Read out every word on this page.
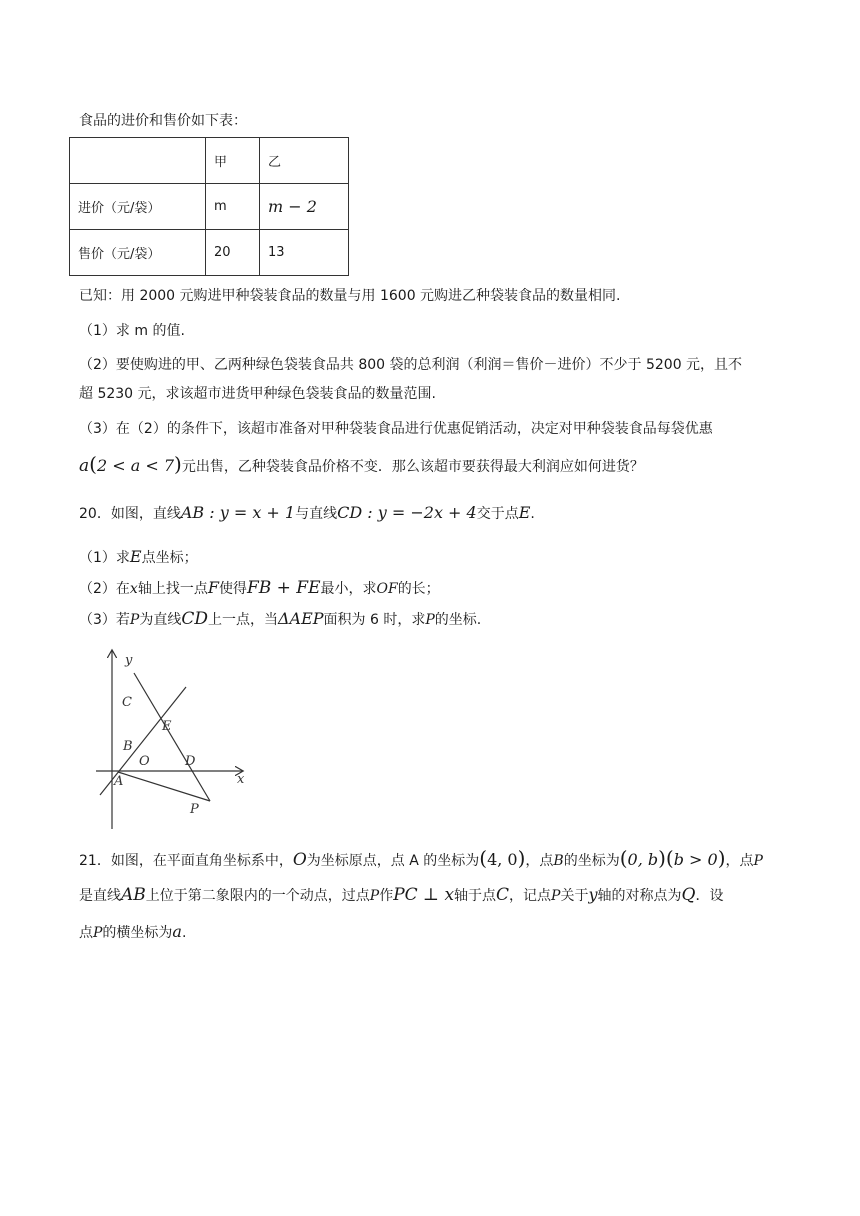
食品的进价和售价如下表：
	甲	乙
进价（元/袋）	m	m − 2
售价（元/袋）	20	13
已知：用 2000 元购进甲种袋装食品的数量与用 1600 元购进乙种袋装食品的数量相同.
（1）求 m 的值.
（2）要使购进的甲、乙两种绿色袋装食品共 800 袋的总利润（利润＝售价－进价）不少于 5200 元，且不
超 5230 元，求该超市进货甲种绿色袋装食品的数量范围.
（3）在（2）的条件下，该超市准备对甲种袋装食品进行优惠促销活动，决定对甲种袋装食品每袋优惠
a(2 < a < 7)元出售，乙种袋装食品价格不变．那么该超市要获得最大利润应如何进货？
20．如图，直线AB : y = x + 1与直线CD : y = −2x + 4交于点E.
（1）求E点坐标；
（2）在x轴上找一点F使得FB + FE最小，求OF的长；
（3）若P为直线CD上一点，当ΔAEP面积为 6 时，求P的坐标.
y
x
C
E
B
O	D
A
P
21．如图，在平面直角坐标系中，O为坐标原点，点 A 的坐标为(4, 0)，点B的坐标为(0, b)(b > 0)，点P
是直线AB上位于第二象限内的一个动点，过点P作PC ⊥ x轴于点C，记点P关于y轴的对称点为Q．设
点P的横坐标为a.
